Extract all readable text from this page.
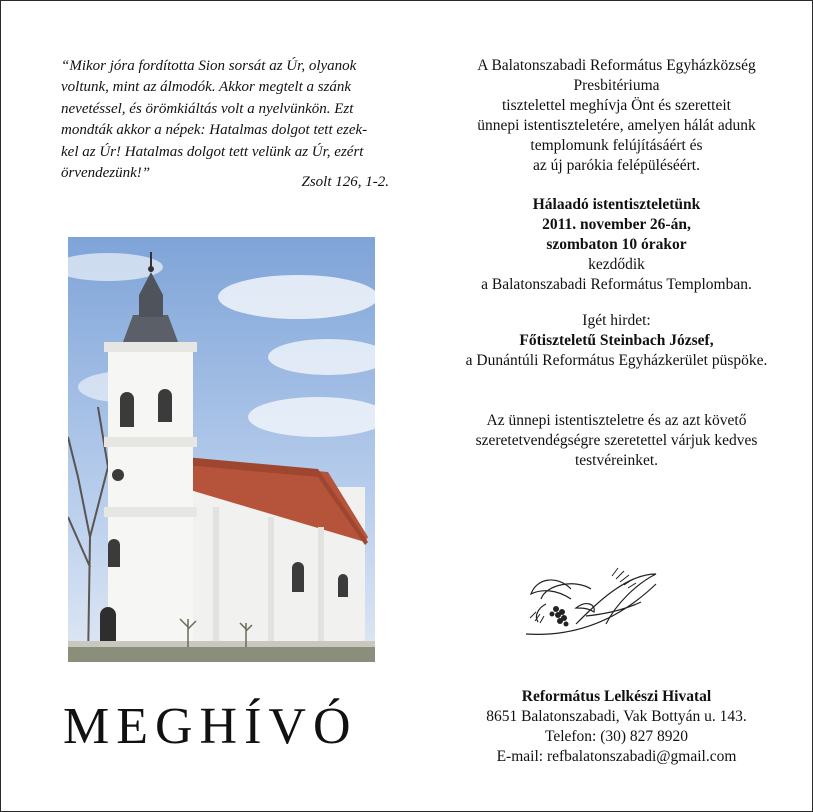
“Mikor jóra fordította Sion sorsát az Úr, olyanok
voltunk, mint az álmodók. Akkor megtelt a szánk
nevetéssel, és örömkiáltás volt a nyelvünkön. Ezt
mondták akkor a népek: Hatalmas dolgot tett ezek-
kel az Úr! Hatalmas dolgot tett velünk az Úr, ezért
örvendezünk!”

Zsolt 126, 1-2.

MEGHÍVÓ

A Balatonszabadi Református Egyházközség

Presbitériuma

tisztelettel meghívja Önt és szeretteit

ünnepi istentiszteletére, amelyen hálát adunk

templomunk felújításáért és

az új parókia felépüléséért.

Hálaadó istentiszteletünk

2011. november 26-án,

szombaton 10 órakor

kezdődik

a Balatonszabadi Református Templomban.

Igét hirdet:

Főtiszteletű Steinbach József,

a Dunántúli Református Egyházkerület püspöke.

Az ünnepi istentiszteletre és az azt követő

szeretetvendégségre szeretettel várjuk kedves

testvéreinket.

Református Lelkészi Hivatal

8651 Balatonszabadi, Vak Bottyán u. 143.

Telefon: (30) 827 8920

E-mail: refbalatonszabadi@gmail.com
